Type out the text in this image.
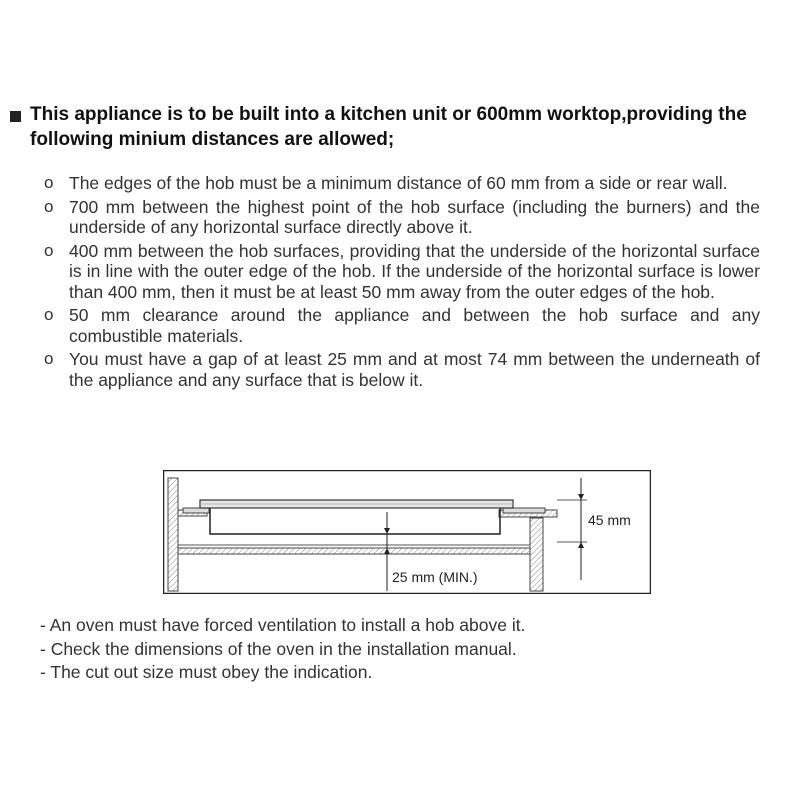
This appliance is to be built into a kitchen unit or 600mm worktop,providing the following minium distances are allowed;
o The edges of the hob must be a minimum distance of 60 mm from a side or rear wall.
o 700 mm between the highest point of the hob surface (including the burners) and the underside of any horizontal surface directly above it.
o 400 mm between the hob surfaces, providing that the underside of the horizontal surface is in line with the outer edge of the hob. If the underside of the horizontal surface is lower than 400 mm, then it must be at least 50 mm away from the outer edges of the hob.
o 50 mm clearance around the appliance and between the hob surface and any combustible materials.
o You must have a gap of at least 25 mm and at most 74 mm between the underneath of the appliance and any surface that is below it.
45 mm
25 mm (MIN.)
- An oven must have forced ventilation to install a hob above it.
- Check the dimensions of the oven in the installation manual.
- The cut out size must obey the indication.
